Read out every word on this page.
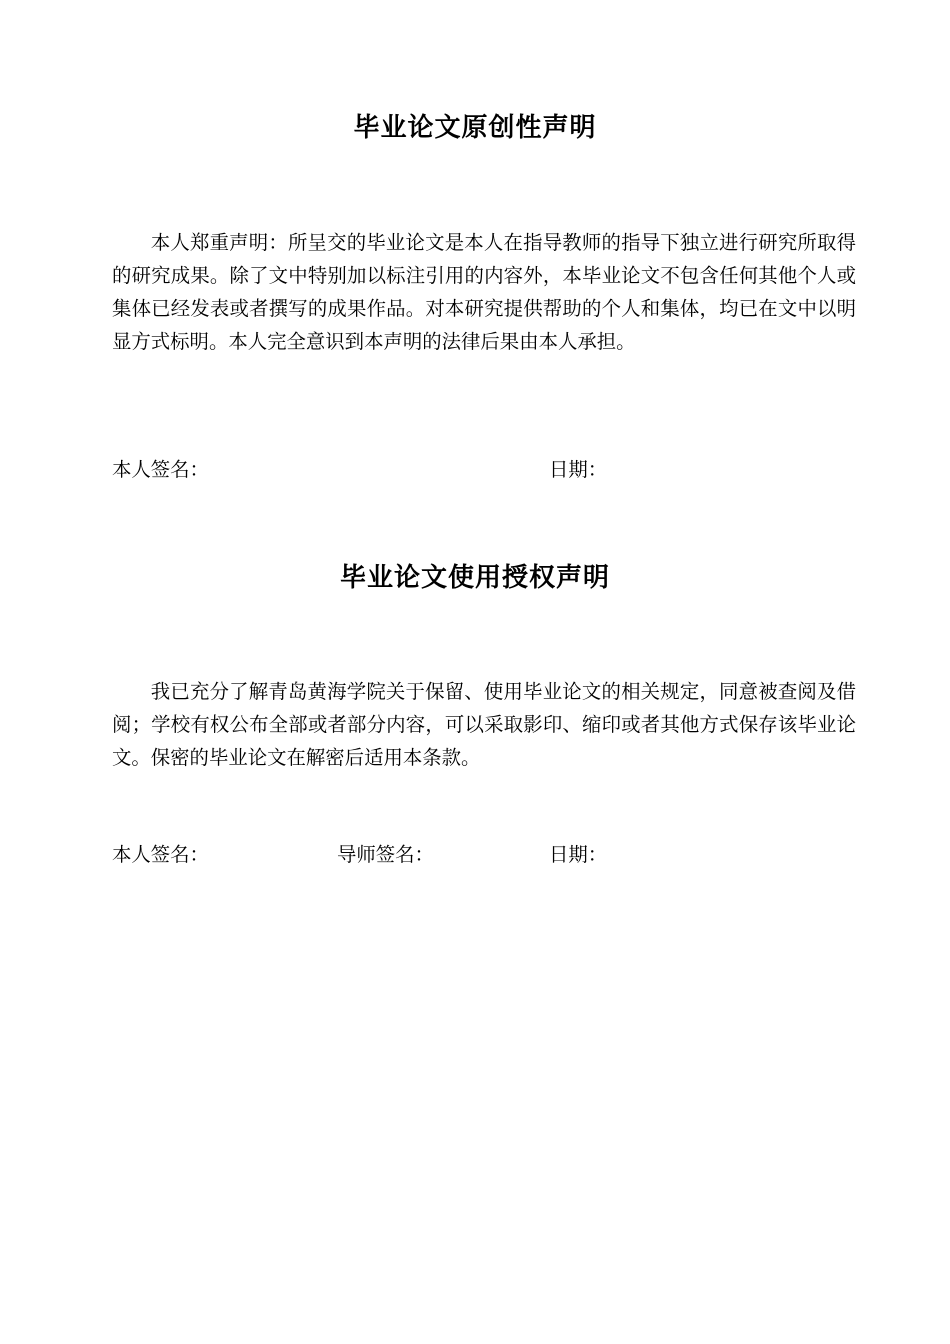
毕业论文原创性声明

本人郑重声明：所呈交的毕业论文是本人在指导教师的指导下独立进行研究所取得的研究成果。除了文中特别加以标注引用的内容外，本毕业论文不包含任何其他个人或集体已经发表或者撰写的成果作品。对本研究提供帮助的个人和集体，均已在文中以明显方式标明。本人完全意识到本声明的法律后果由本人承担。

本人签名：	日期：
毕业论文使用授权声明

我已充分了解青岛黄海学院关于保留、使用毕业论文的相关规定，同意被查阅及借阅；学校有权公布全部或者部分内容，可以采取影印、缩印或者其他方式保存该毕业论文。保密的毕业论文在解密后适用本条款。

本人签名：	导师签名：	日期：
